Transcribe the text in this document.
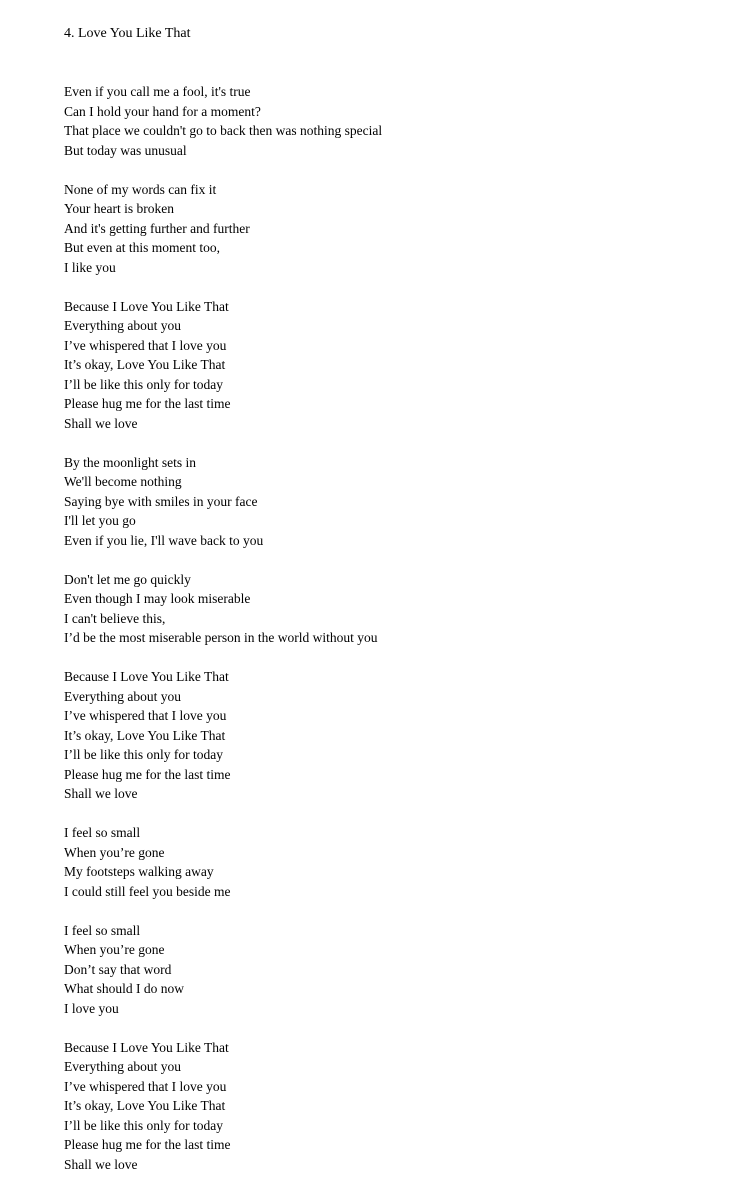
4. Love You Like That
Even if you call me a fool, it's true
Can I hold your hand for a moment?
That place we couldn't go to back then was nothing special
But today was unusual
None of my words can fix it
Your heart is broken
And it's getting further and further
But even at this moment too,
I like you
Because I Love You Like That
Everything about you
I’ve whispered that I love you
It’s okay, Love You Like That
I’ll be like this only for today
Please hug me for the last time
Shall we love
By the moonlight sets in
We'll become nothing
Saying bye with smiles in your face
I'll let you go
Even if you lie, I'll wave back to you
Don't let me go quickly
Even though I may look miserable
I can't believe this,
I’d be the most miserable person in the world without you
Because I Love You Like That
Everything about you
I’ve whispered that I love you
It’s okay, Love You Like That
I’ll be like this only for today
Please hug me for the last time
Shall we love
I feel so small
When you’re gone
My footsteps walking away
I could still feel you beside me
I feel so small
When you’re gone
Don’t say that word
What should I do now
I love you
Because I Love You Like That
Everything about you
I’ve whispered that I love you
It’s okay, Love You Like That
I’ll be like this only for today
Please hug me for the last time
Shall we love
